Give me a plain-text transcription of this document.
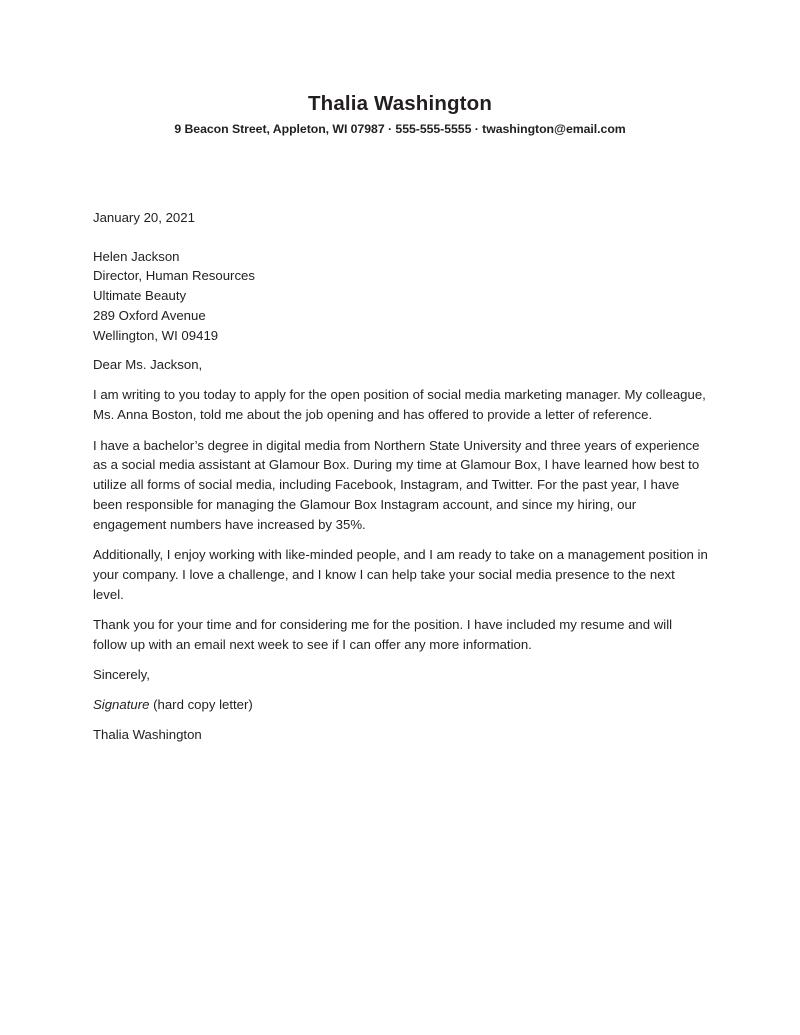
Thalia Washington
9 Beacon Street, Appleton, WI 07987 · 555-555-5555 · twashington@email.com
January 20, 2021
Helen Jackson
Director, Human Resources
Ultimate Beauty
289 Oxford Avenue
Wellington, WI 09419
Dear Ms. Jackson,

I am writing to you today to apply for the open position of social media marketing manager. My colleague, Ms. Anna Boston, told me about the job opening and has offered to provide a letter of reference.

I have a bachelor’s degree in digital media from Northern State University and three years of experience as a social media assistant at Glamour Box. During my time at Glamour Box, I have learned how best to utilize all forms of social media, including Facebook, Instagram, and Twitter. For the past year, I have been responsible for managing the Glamour Box Instagram account, and since my hiring, our engagement numbers have increased by 35%.

Additionally, I enjoy working with like-minded people, and I am ready to take on a management position in your company. I love a challenge, and I know I can help take your social media presence to the next level.

Thank you for your time and for considering me for the position. I have included my resume and will follow up with an email next week to see if I can offer any more information.

Sincerely,
Signature (hard copy letter)
Thalia Washington
